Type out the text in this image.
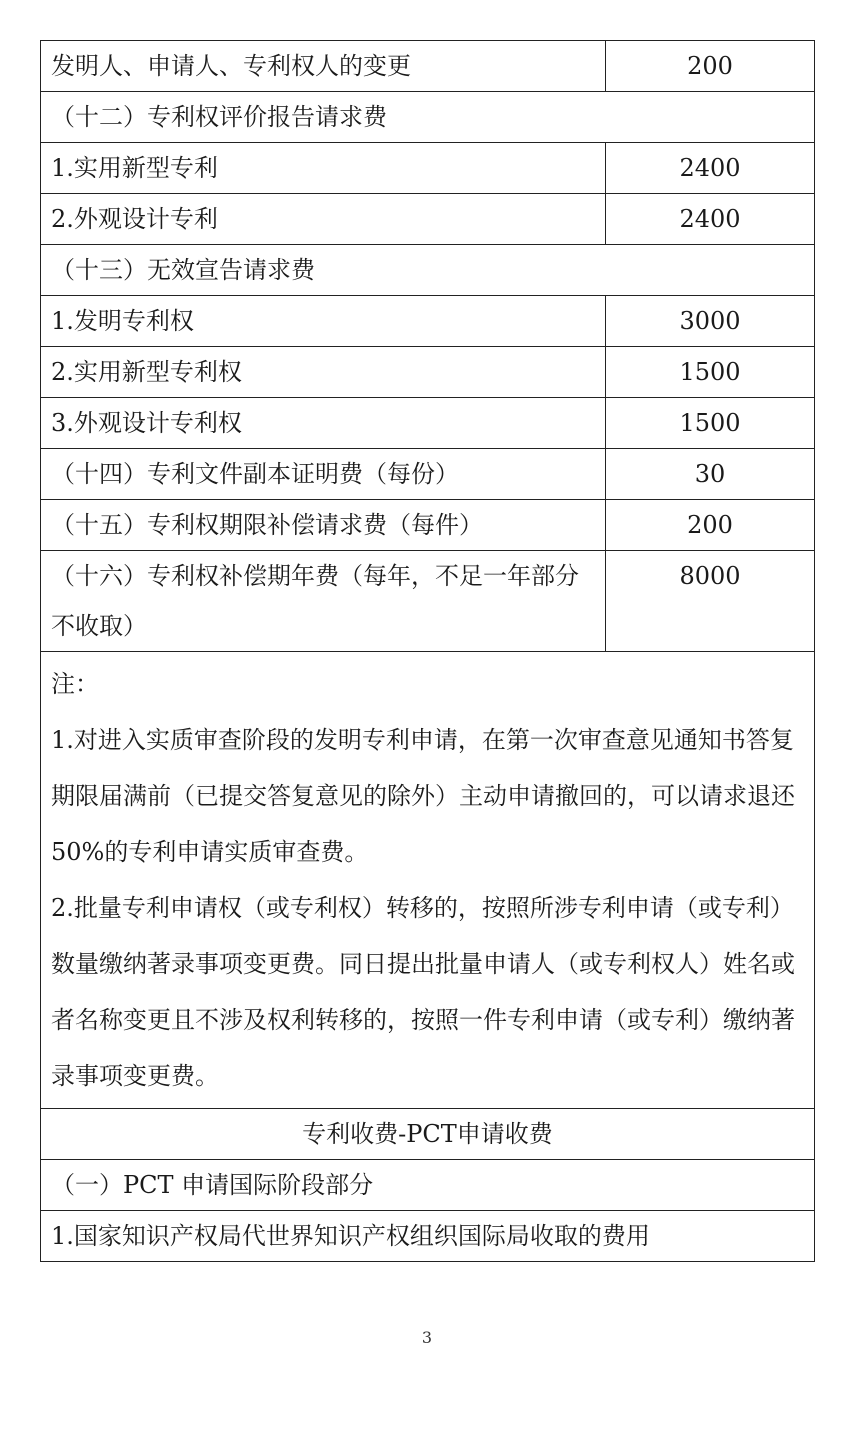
发明人、申请人、专利权人的变更	200
（十二）专利权评价报告请求费	
1.实用新型专利	2400
2.外观设计专利	2400
（十三）无效宣告请求费	
1.发明专利权	3000
2.实用新型专利权	1500
3.外观设计专利权	1500
（十四）专利文件副本证明费（每份）	30
（十五）专利权期限补偿请求费（每件）	200
（十六）专利权补偿期年费（每年，不足一年部分不收取）	8000

注：
1.对进入实质审查阶段的发明专利申请，在第一次审查意见通知书答复期限届满前（已提交答复意见的除外）主动申请撤回的，可以请求退还50%的专利申请实质审查费。
2.批量专利申请权（或专利权）转移的，按照所涉专利申请（或专利）数量缴纳著录事项变更费。同日提出批量申请人（或专利权人）姓名或者名称变更且不涉及权利转移的，按照一件专利申请（或专利）缴纳著录事项变更费。	

专利收费-PCT申请收费	
（一）PCT 申请国际阶段部分	
1.国家知识产权局代世界知识产权组织国际局收取的费用	
3
